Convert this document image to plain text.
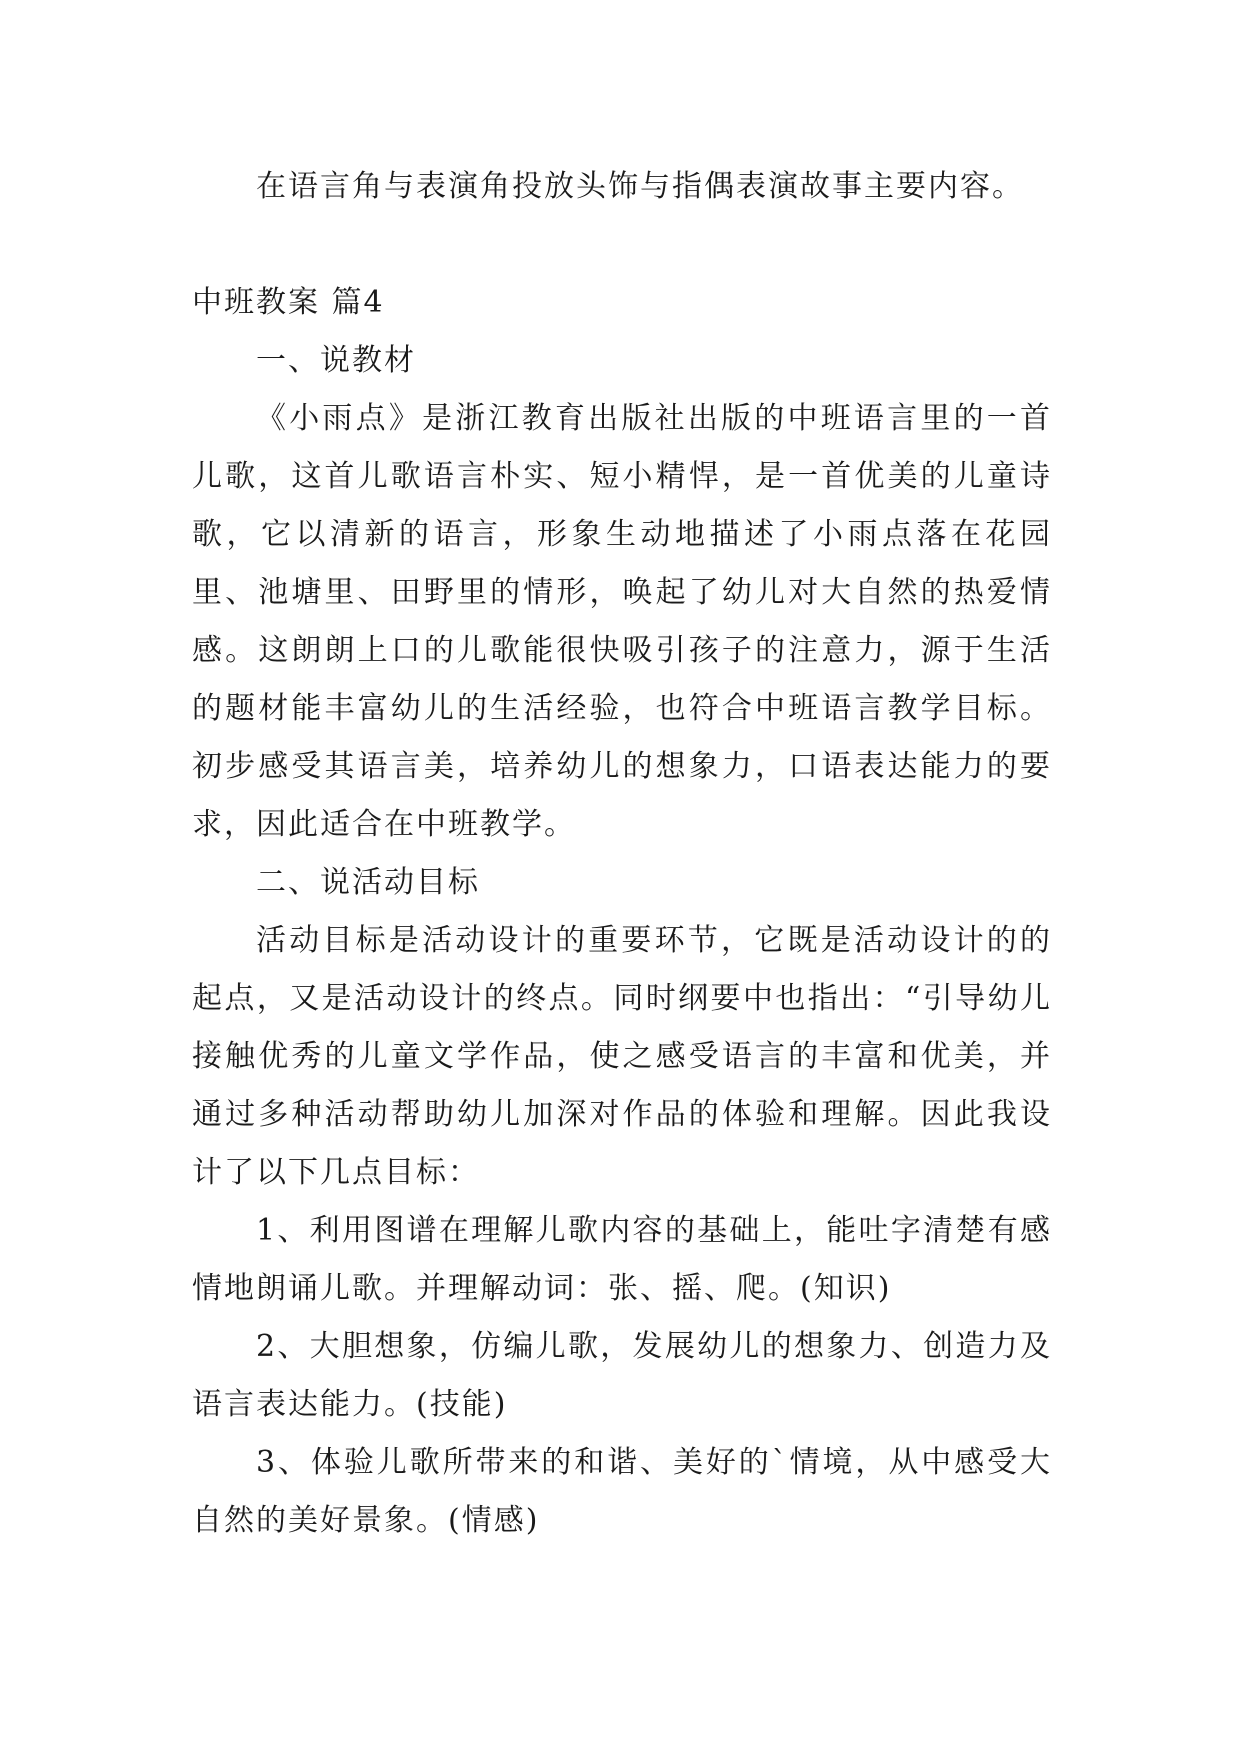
在语言角与表演角投放头饰与指偶表演故事主要内容。

中班教案 篇4

一、说教材

《小雨点》是浙江教育出版社出版的中班语言里的一首儿歌，这首儿歌语言朴实、短小精悍，是一首优美的儿童诗歌，它以清新的语言，形象生动地描述了小雨点落在花园里、池塘里、田野里的情形，唤起了幼儿对大自然的热爱情感。这朗朗上口的儿歌能很快吸引孩子的注意力，源于生活的题材能丰富幼儿的生活经验，也符合中班语言教学目标。初步感受其语言美，培养幼儿的想象力，口语表达能力的要求，因此适合在中班教学。

二、说活动目标

活动目标是活动设计的重要环节，它既是活动设计的的起点，又是活动设计的终点。同时纲要中也指出：“引导幼儿接触优秀的儿童文学作品，使之感受语言的丰富和优美，并通过多种活动帮助幼儿加深对作品的体验和理解。因此我设计了以下几点目标：

1、利用图谱在理解儿歌内容的基础上，能吐字清楚有感情地朗诵儿歌。并理解动词：张、摇、爬。(知识)

2、大胆想象，仿编儿歌，发展幼儿的想象力、创造力及语言表达能力。(技能)

3、体验儿歌所带来的和谐、美好的`情境，从中感受大自然的美好景象。(情感)
